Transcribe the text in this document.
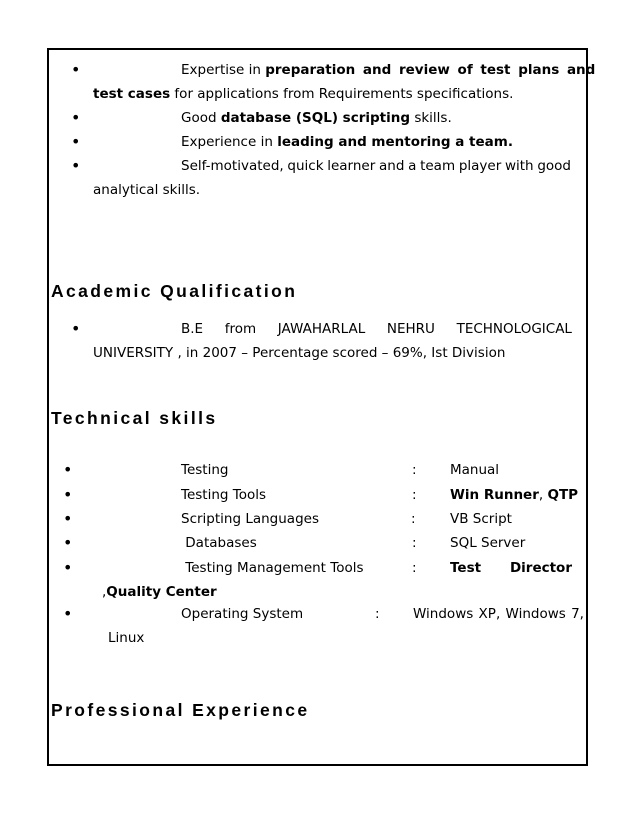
•	Expertise in preparation and review of test plans and
test cases for applications from Requirements specifications.
•	Good database (SQL) scripting skills.
•	Experience in leading and mentoring a team.
•	Self-motivated, quick learner and a team player with good
analytical skills.
Academic Qualification
•	B.E from JAWAHARLAL NEHRU TECHNOLOGICAL
UNIVERSITY , in 2007 – Percentage scored – 69%, Ist Division
Technical skills
•	Testing	: Manual
•	Testing Tools	: Win Runner, QTP
•	Scripting Languages	:	VB Script
•	Databases	: SQL Server
•	Testing Management Tools	: Test Director
,Quality Center
•	Operating System	: Windows XP, Windows 7,
Linux
Professional Experience
